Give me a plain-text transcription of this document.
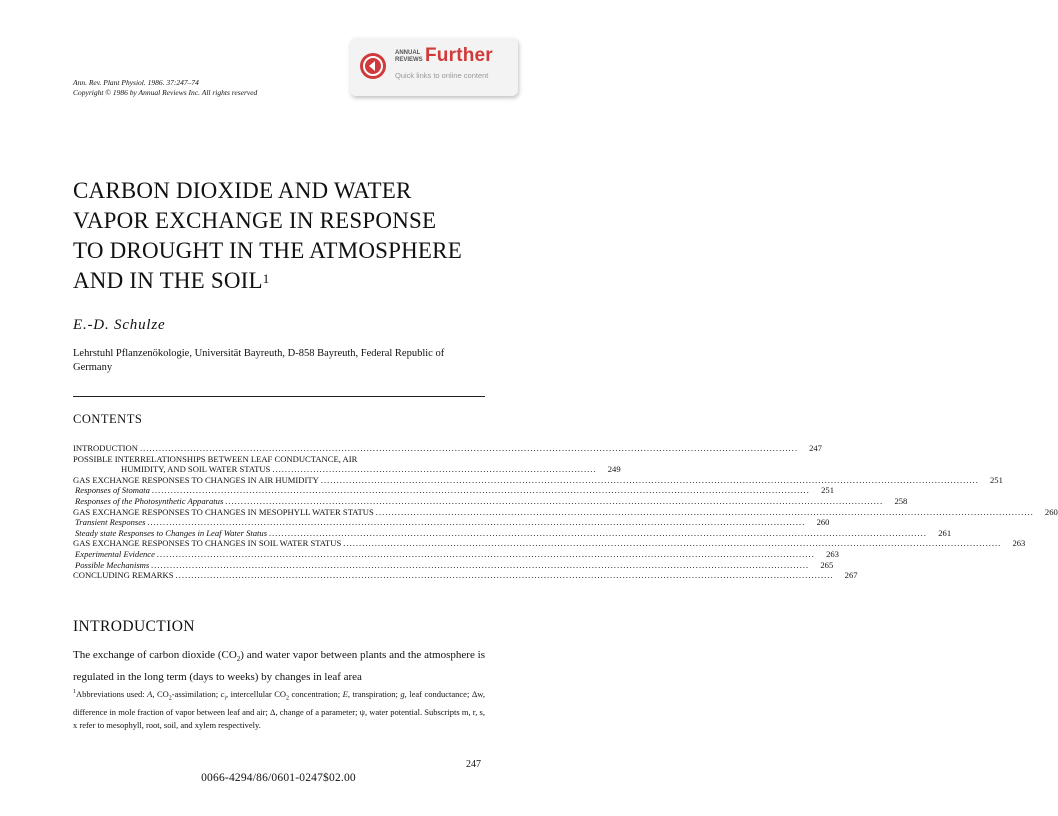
Ann. Rev. Plant Physiol. 1986. 37:247–74
Copyright © 1986 by Annual Reviews Inc. All rights reserved
ANNUAL
REVIEWS Further
Quick links to online content
CARBON DIOXIDE AND WATER
VAPOR EXCHANGE IN RESPONSE
TO DROUGHT IN THE ATMOSPHERE
AND IN THE SOIL$^1$
E.-D. Schulze
Lehrstuhl Pflanzenökologie, Universität Bayreuth, D-858 Bayreuth, Federal Republic of Germany
CONTENTS
INTRODUCTION .....	247
POSSIBLE INTERRELATIONSHIPS BETWEEN LEAF CONDUCTANCE, AIR
HUMIDITY, AND SOIL WATER STATUS .......................................................................................................	249
GAS EXCHANGE RESPONSES TO CHANGES IN AIR HUMIDITY .....	251
Responses of Stomata .....	251
Responses of the Photosynthetic Apparatus .....	258
GAS EXCHANGE RESPONSES TO CHANGES IN MESOPHYLL WATER STATUS .....	260
Transient Responses .....	260
Steady state Responses to Changes in Leaf Water Status .....	261
GAS EXCHANGE RESPONSES TO CHANGES IN SOIL WATER STATUS .....	263
Experimental Evidence .....	263
Possible Mechanisms .....	265
CONCLUDING REMARKS .....	267
INTRODUCTION
The exchange of carbon dioxide $(CO_2)$ and water vapor between plants and the atmosphere is regulated in the long term (days to weeks) by changes in leaf area
$^1$Abbreviations used: A, $CO_2$-assimilation; $c_i$, intercellular $CO_2$ concentration; E, transpiration; g, leaf conductance; Δw, difference in mole fraction of vapor between leaf and air; Δ, change of a parameter; ψ, water potential. Subscripts m, r, s, x refer to mesophyll, root, soil, and xylem respectively.
247
0066-4294/86/0601-0247$02.00
